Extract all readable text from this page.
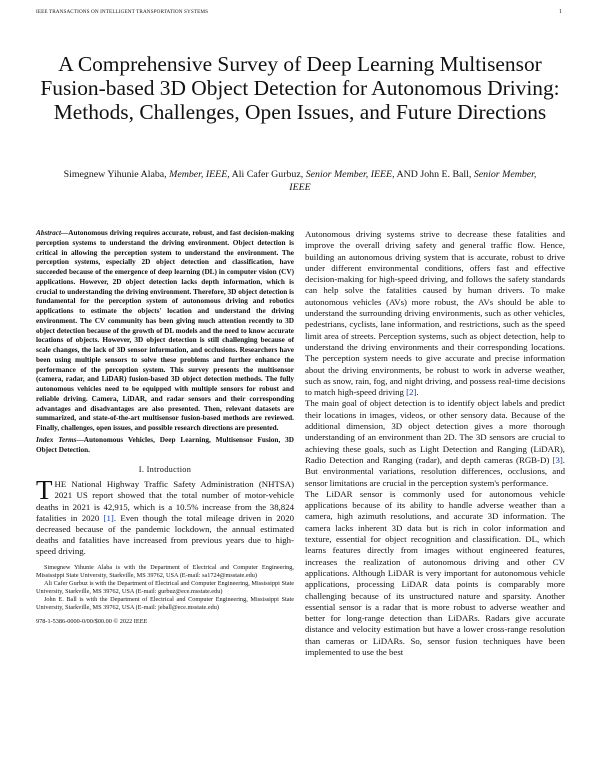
IEEE TRANSACTIONS ON INTELLIGENT TRANSPORTATION SYSTEMS	1
A Comprehensive Survey of Deep Learning Multisensor Fusion-based 3D Object Detection for Autonomous Driving: Methods, Challenges, Open Issues, and Future Directions
Simegnew Yihunie Alaba, Member, IEEE, Ali Cafer Gurbuz, Senior Member, IEEE, AND John E. Ball, Senior Member, IEEE

Abstract—Autonomous driving requires accurate, robust, and fast decision-making perception systems to understand the driving environment. Object detection is critical in allowing the perception system to understand the environment. The perception systems, especially 2D object detection and classification, have succeeded because of the emergence of deep learning (DL) in computer vision (CV) applications. However, 2D object detection lacks depth information, which is crucial to understanding the driving environment. Therefore, 3D object detection is fundamental for the perception system of autonomous driving and robotics applications to estimate the objects' location and understand the driving environment. The CV community has been giving much attention recently to 3D object detection because of the growth of DL models and the need to know accurate locations of objects. However, 3D object detection is still challenging because of scale changes, the lack of 3D sensor information, and occlusions. Researchers have been using multiple sensors to solve these problems and further enhance the performance of the perception system. This survey presents the multisensor (camera, radar, and LiDAR) fusion-based 3D object detection methods. The fully autonomous vehicles need to be equipped with multiple sensors for robust and reliable driving. Camera, LiDAR, and radar sensors and their corresponding advantages and disadvantages are also presented. Then, relevant datasets are summarized, and state-of-the-art multisensor fusion-based methods are reviewed. Finally, challenges, open issues, and possible research directions are presented.

Index Terms—Autonomous Vehicles, Deep Learning, Multisensor Fusion, 3D Object Detection.

I. Introduction

THE National Highway Traffic Safety Administration (NHTSA) 2021 US report showed that the total number of motor-vehicle deaths in 2021 is 42,915, which is a 10.5% increase from the 38,824 fatalities in 2020 [1]. Even though the total mileage driven in 2020 decreased because of the pandemic lockdown, the annual estimated deaths and fatalities have increased from previous years due to high-speed driving.

Simegnew Yihunie Alaba is with the Department of Electrical and Computer Engineering, Mississippi State University, Starkville, MS 39762, USA (E-mail: sa1724@msstate.edu)

Ali Cafer Gurbuz is with the Department of Electrical and Computer Engineering, Mississippi State University, Starkville, MS 39762, USA (E-mail: gurbuz@ece.msstate.edu)

John E. Ball is with the Department of Electrical and Computer Engineering, Mississippi State University, Starkville, MS 39762, USA (E-mail: jeball@ece.msstate.edu)

978-1-5386-0000-0/00/$00.00 © 2022 IEEE

Autonomous driving systems strive to decrease these fatalities and improve the overall driving safety and general traffic flow. Hence, building an autonomous driving system that is accurate, robust to drive under different environmental conditions, offers fast and effective decision-making for high-speed driving, and follows the safety standards can help solve the fatalities caused by human drivers. To make autonomous vehicles (AVs) more robust, the AVs should be able to understand the surrounding driving environments, such as other vehicles, pedestrians, cyclists, lane information, and restrictions, such as the speed limit area of streets. Perception systems, such as object detection, help to understand the driving environments and their corresponding locations. The perception system needs to give accurate and precise information about the driving environments, be robust to work in adverse weather, such as snow, rain, fog, and night driving, and possess real-time decisions to match high-speed driving [2].

The main goal of object detection is to identify object labels and predict their locations in images, videos, or other sensory data. Because of the additional dimension, 3D object detection gives a more thorough understanding of an environment than 2D. The 3D sensors are crucial to achieving these goals, such as Light Detection and Ranging (LiDAR), Radio Detection and Ranging (radar), and depth cameras (RGB-D) [3]. But environmental variations, resolution differences, occlusions, and sensor limitations are crucial in the perception system's performance.

The LiDAR sensor is commonly used for autonomous vehicle applications because of its ability to handle adverse weather than a camera, high azimuth resolutions, and accurate 3D information. The camera lacks inherent 3D data but is rich in color information and texture, essential for object recognition and classification. DL, which learns features directly from images without engineered features, increases the realization of autonomous driving and other CV applications. Although LiDAR is very important for autonomous vehicle applications, processing LiDAR data points is comparably more challenging because of its unstructured nature and sparsity. Another essential sensor is a radar that is more robust to adverse weather and better for long-range detection than LiDARs. Radars give accurate distance and velocity estimation but have a lower cross-range resolution than cameras or LiDARs. So, sensor fusion techniques have been implemented to use the best
